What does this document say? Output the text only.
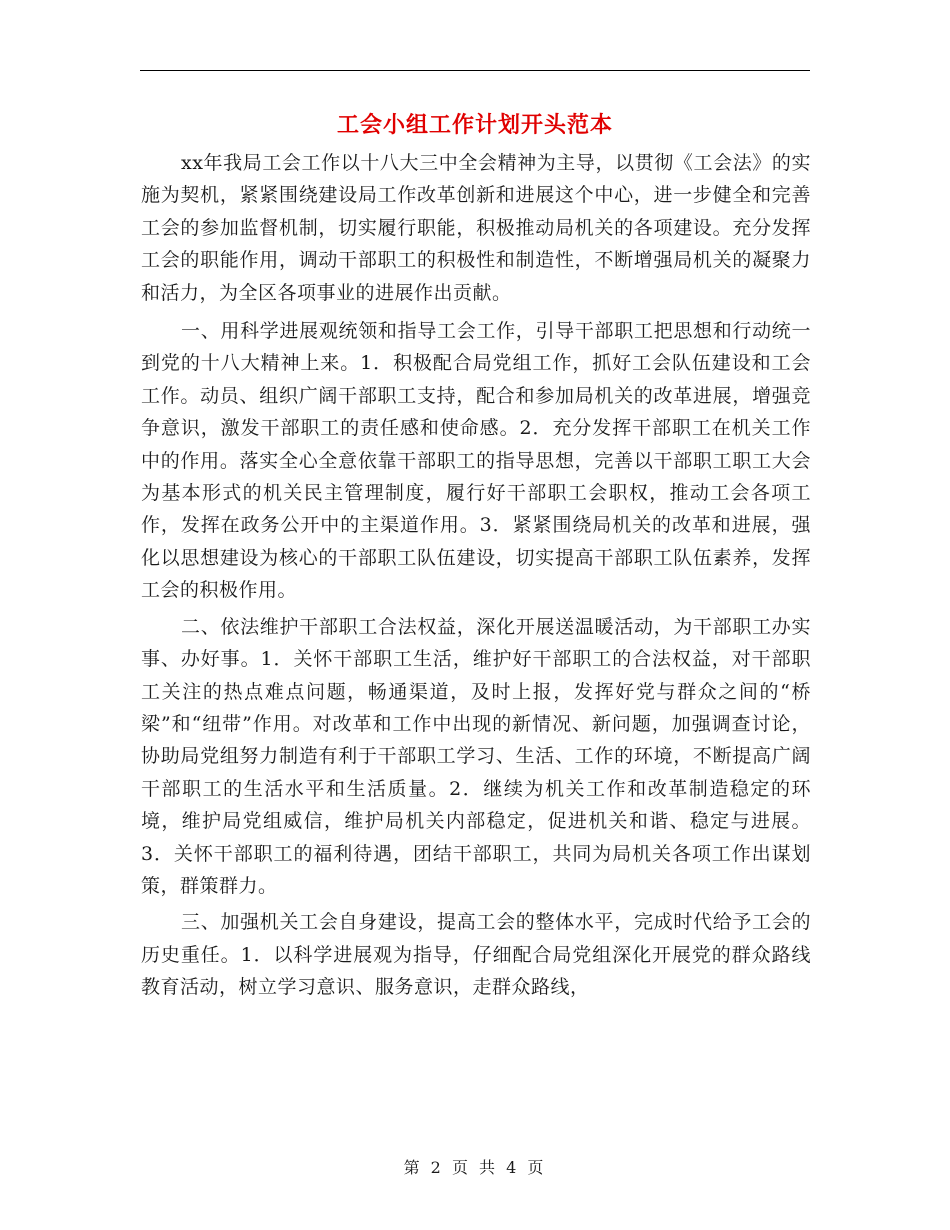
工会小组工作计划开头范本

xx年我局工会工作以十八大三中全会精神为主导，以贯彻《工会法》的实施为契机，紧紧围绕建设局工作改革创新和进展这个中心，进一步健全和完善工会的参加监督机制，切实履行职能，积极推动局机关的各项建设。充分发挥工会的职能作用，调动干部职工的积极性和制造性，不断增强局机关的凝聚力和活力，为全区各项事业的进展作出贡献。

一、用科学进展观统领和指导工会工作，引导干部职工把思想和行动统一到党的十八大精神上来。1．积极配合局党组工作，抓好工会队伍建设和工会工作。动员、组织广阔干部职工支持，配合和参加局机关的改革进展，增强竞争意识，激发干部职工的责任感和使命感。2．充分发挥干部职工在机关工作中的作用。落实全心全意依靠干部职工的指导思想，完善以干部职工职工大会为基本形式的机关民主管理制度，履行好干部职工会职权，推动工会各项工作，发挥在政务公开中的主渠道作用。3．紧紧围绕局机关的改革和进展，强化以思想建设为核心的干部职工队伍建设，切实提高干部职工队伍素养，发挥工会的积极作用。

二、依法维护干部职工合法权益，深化开展送温暖活动，为干部职工办实事、办好事。1．关怀干部职工生活，维护好干部职工的合法权益，对干部职工关注的热点难点问题，畅通渠道，及时上报，发挥好党与群众之间的“桥梁”和“纽带”作用。对改革和工作中出现的新情况、新问题，加强调查讨论，协助局党组努力制造有利于干部职工学习、生活、工作的环境，不断提高广阔干部职工的生活水平和生活质量。2．继续为机关工作和改革制造稳定的环境，维护局党组威信，维护局机关内部稳定，促进机关和谐、稳定与进展。3．关怀干部职工的福利待遇，团结干部职工，共同为局机关各项工作出谋划策，群策群力。

三、加强机关工会自身建设，提高工会的整体水平，完成时代给予工会的历史重任。1．以科学进展观为指导，仔细配合局党组深化开展党的群众路线教育活动，树立学习意识、服务意识，走群众路线，

第 2 页 共 4 页
